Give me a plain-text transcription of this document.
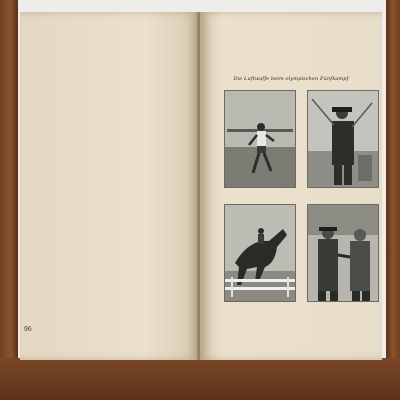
96
Die Luftwaffe beim olympischen Fünfkampf
